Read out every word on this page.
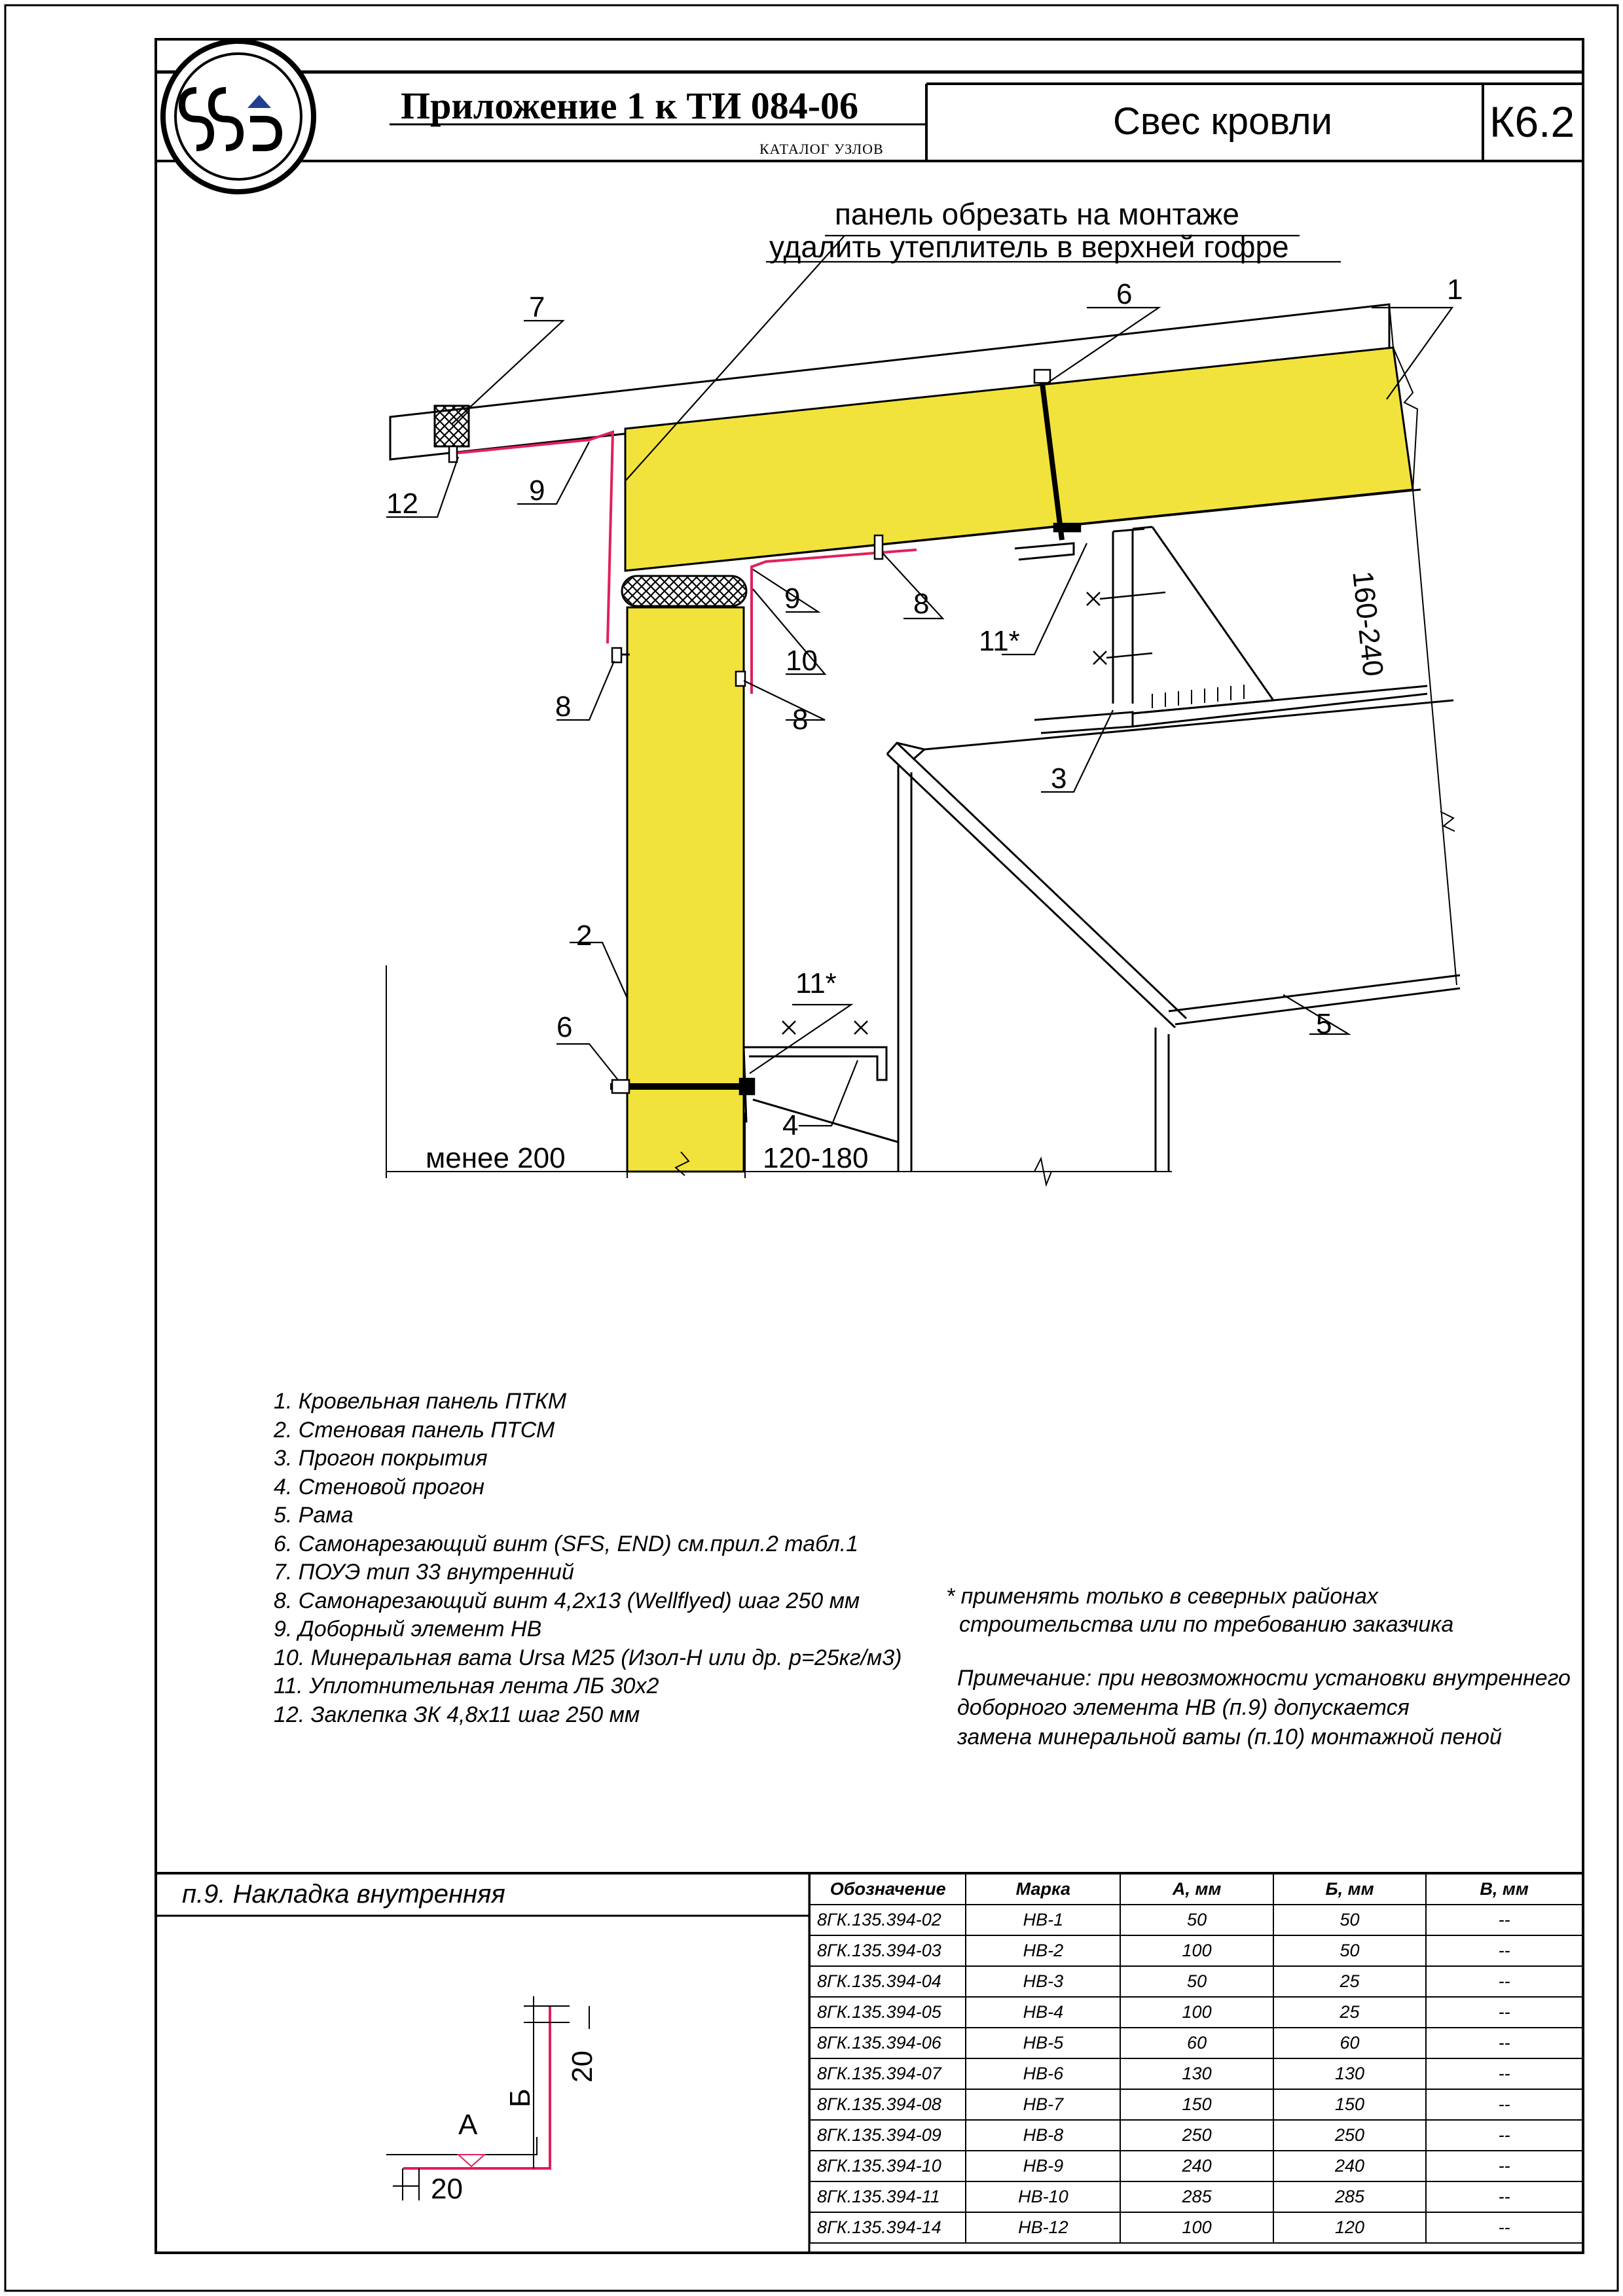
Приложение 1 к ТИ 084-06
КАТАЛОГ УЗЛОВ
Свес кровли	К6.2
панель обрезать на монтаже
удалить утеплитель в верхней гофре
1
6
7
12	9
8
9
10
11*
8	8
3
2
11*
6	5
4
160-240
менее 200	120-180
1. Кровельная панель ПТКМ
2. Стеновая панель ПТСМ
3. Прогон покрытия
4. Стеновой прогон
5. Рама
6. Самонарезающий винт (SFS, END) см.прил.2 табл.1
7. ПОУЭ тип 33 внутренний
8. Самонарезающий винт 4,2х13 (Wellflyed) шаг 250 мм
9. Доборный элемент НВ
10. Минеральная вата Ursa M25 (Изол-Н или др. p=25кг/м3)
11. Уплотнительная лента ЛБ 30х2
12. Заклепка ЗК 4,8х11 шаг 250 мм
* применять только в северных районах
строительства или по требованию заказчика
Примечание: при невозможности установки внутреннего
доборного элемента НВ (п.9) допускается
замена минеральной ваты (п.10) монтажной пеной
п.9. Накладка внутренняя
А
Б
20
20
Обозначение	Марка	А, мм	Б, мм	В, мм
8ГК.135.394-02	НВ-1	50	50	--
8ГК.135.394-03	НВ-2	100	50	--
8ГК.135.394-04	НВ-3	50	25	--
8ГК.135.394-05	НВ-4	100	25	--
8ГК.135.394-06	НВ-5	60	60	--
8ГК.135.394-07	НВ-6	130	130	--
8ГК.135.394-08	НВ-7	150	150	--
8ГК.135.394-09	НВ-8	250	250	--
8ГК.135.394-10	НВ-9	240	240	--
8ГК.135.394-11	НВ-10	285	285	--
8ГК.135.394-14	НВ-12	100	120	--
